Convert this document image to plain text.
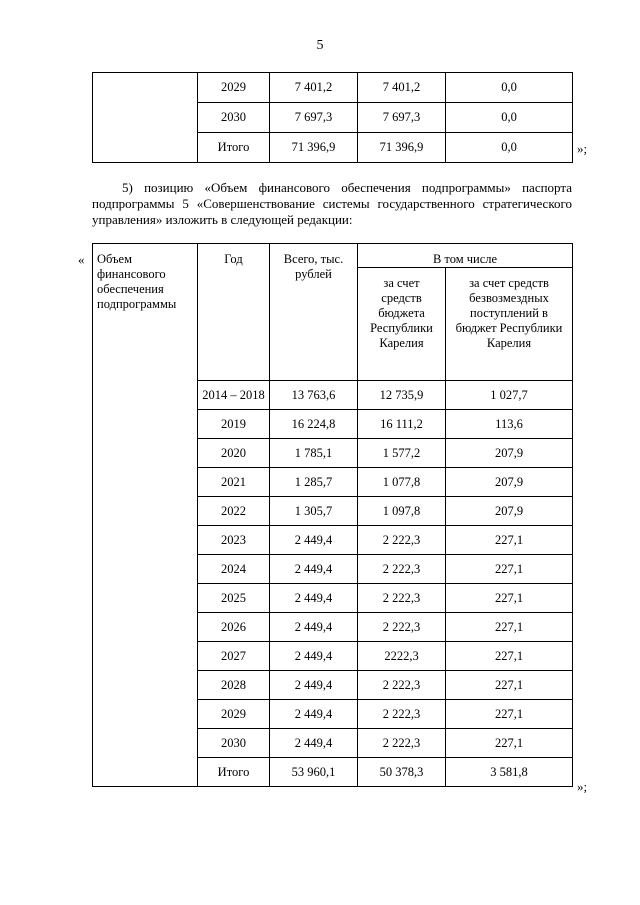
5
	2029	7 401,2	7 401,2	0,0
	2030	7 697,3	7 697,3	0,0
	Итого	71 396,9	71 396,9	0,0	»;
5) позицию «Объем финансового обеспечения подпрограммы» паспорта подпрограммы 5 «Совершенствование системы государственного стратегического управления» изложить в следующей редакции:
« Объем финансового обеспечения подпрограммы	Год	Всего, тыс. рублей	В том числе	
			за счет средств бюджета Республики Карелия	за счет средств безвозмездных поступлений в бюджет Республики Карелия
	2014 – 2018	13 763,6	12 735,9	1 027,7
	2019	16 224,8	16 111,2	113,6
	2020	1 785,1	1 577,2	207,9
	2021	1 285,7	1 077,8	207,9
	2022	1 305,7	1 097,8	207,9
	2023	2 449,4	2 222,3	227,1
	2024	2 449,4	2 222,3	227,1
	2025	2 449,4	2 222,3	227,1
	2026	2 449,4	2 222,3	227,1
	2027	2 449,4	2222,3	227,1
	2028	2 449,4	2 222,3	227,1
	2029	2 449,4	2 222,3	227,1
	2030	2 449,4	2 222,3	227,1
	Итого	53 960,1	50 378,3	3 581,8
»;
